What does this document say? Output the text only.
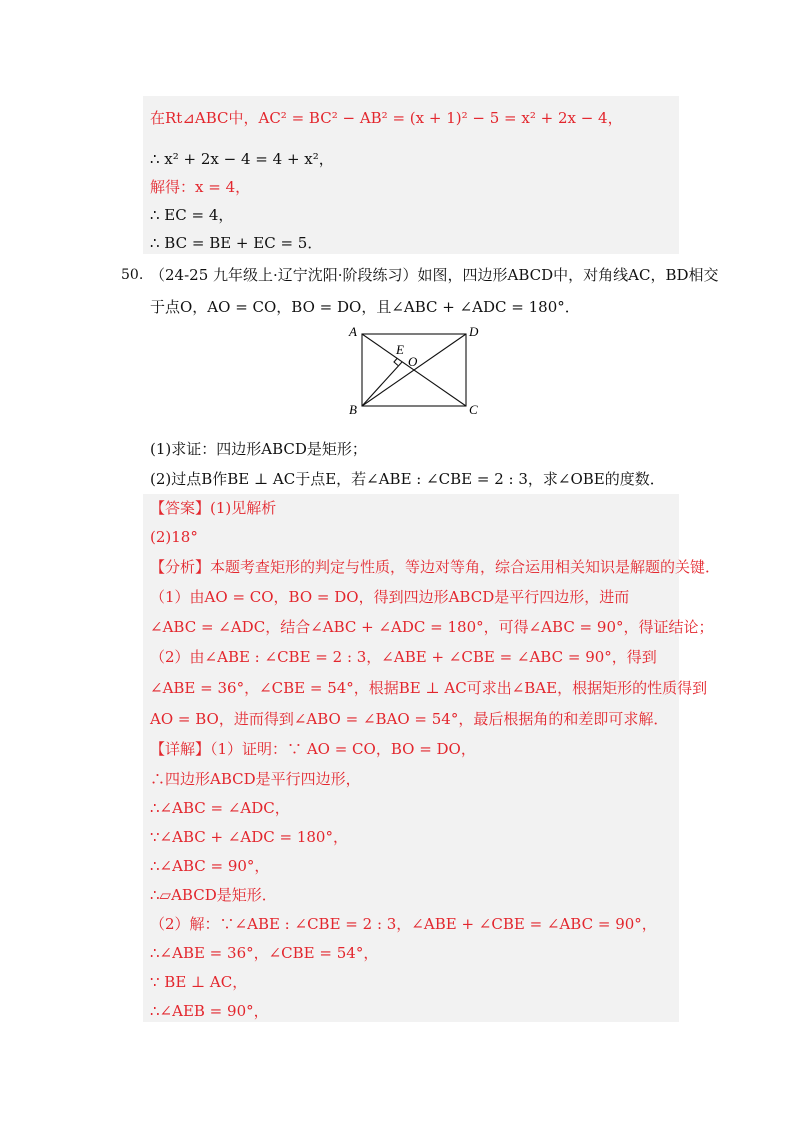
在Rt⊿ABC中，AC² = BC² − AB² = (x + 1)² − 5 = x² + 2x − 4，
∴ x² + 2x − 4 = 4 + x²，
解得：x = 4，
∴ EC = 4，
∴ BC = BE + EC = 5．
50. （24-25 九年级上·辽宁沈阳·阶段练习）如图，四边形ABCD中，对角线AC，BD相交
于点O，AO = CO，BO = DO，且∠ABC + ∠ADC = 180°．
A	D
B	C
E
O
(1)求证：四边形ABCD是矩形；
(2)过点B作BE ⊥ AC于点E，若∠ABE : ∠CBE = 2 : 3，求∠OBE的度数．
【答案】(1)见解析
(2)18°
【分析】本题考查矩形的判定与性质，等边对等角，综合运用相关知识是解题的关键．
（1）由AO = CO，BO = DO，得到四边形ABCD是平行四边形，进而
∠ABC = ∠ADC，结合∠ABC + ∠ADC = 180°，可得∠ABC = 90°，得证结论；
（2）由∠ABE : ∠CBE = 2 : 3，∠ABE + ∠CBE = ∠ABC = 90°，得到
∠ABE = 36°，∠CBE = 54°，根据BE ⊥ AC可求出∠BAE，根据矩形的性质得到
AO = BO，进而得到∠ABO = ∠BAO = 54°，最后根据角的和差即可求解．
【详解】（1）证明：∵ AO = CO，BO = DO，
∴四边形ABCD是平行四边形，
∴∠ABC = ∠ADC，
∵∠ABC + ∠ADC = 180°，
∴∠ABC = 90°，
∴▱ABCD是矩形．
（2）解：∵∠ABE : ∠CBE = 2 : 3，∠ABE + ∠CBE = ∠ABC = 90°，
∴∠ABE = 36°，∠CBE = 54°，
∵ BE ⊥ AC，
∴∠AEB = 90°，
